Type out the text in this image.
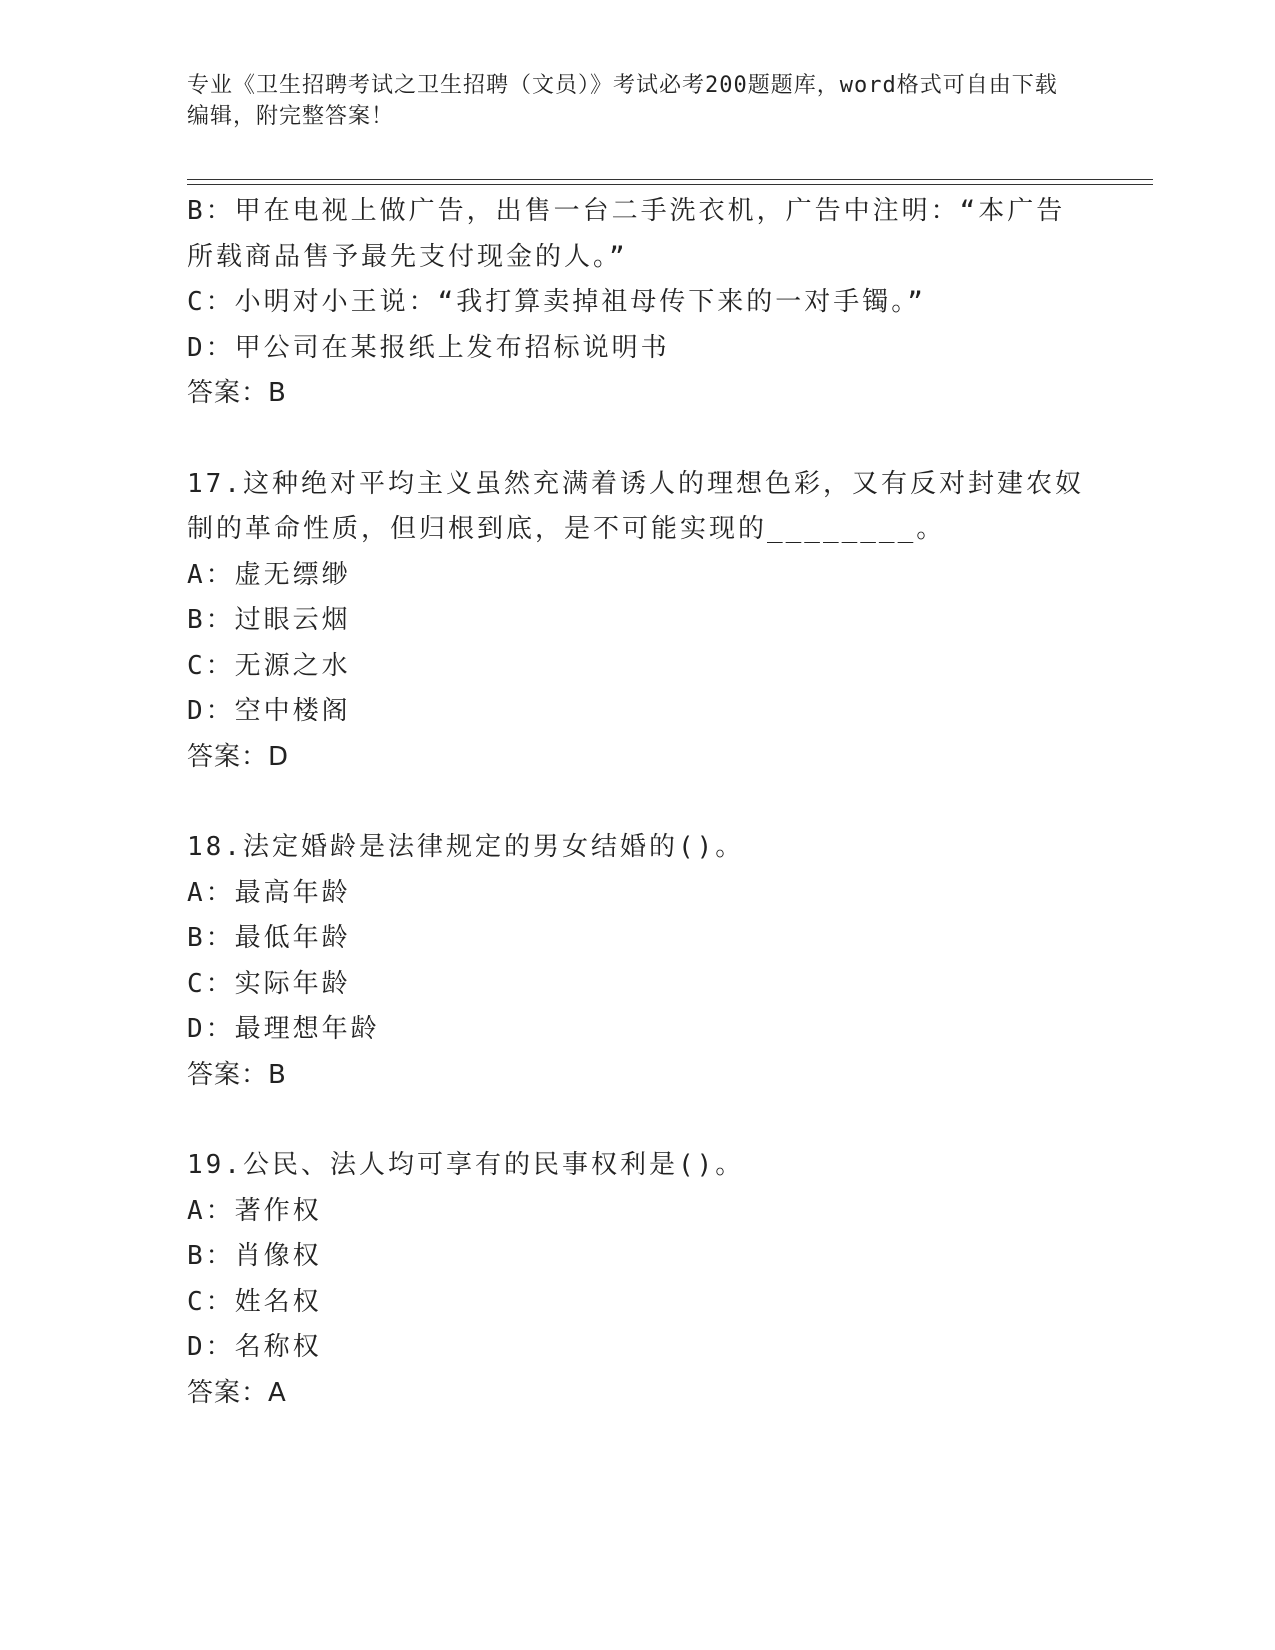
专业《卫生招聘考试之卫生招聘（文员）》考试必考200题题库，word格式可自由下载编辑，附完整答案！
B：甲在电视上做广告，出售一台二手洗衣机，广告中注明：“本广告所载商品售予最先支付现金的人。”
C：小明对小王说：“我打算卖掉祖母传下来的一对手镯。”
D：甲公司在某报纸上发布招标说明书
答案：B
17.这种绝对平均主义虽然充满着诱人的理想色彩，又有反对封建农奴制的革命性质，但归根到底，是不可能实现的________。
A：虚无缥缈
B：过眼云烟
C：无源之水
D：空中楼阁
答案：D
18.法定婚龄是法律规定的男女结婚的()。
A：最高年龄
B：最低年龄
C：实际年龄
D：最理想年龄
答案：B
19.公民、法人均可享有的民事权利是()。
A：著作权
B：肖像权
C：姓名权
D：名称权
答案：A
